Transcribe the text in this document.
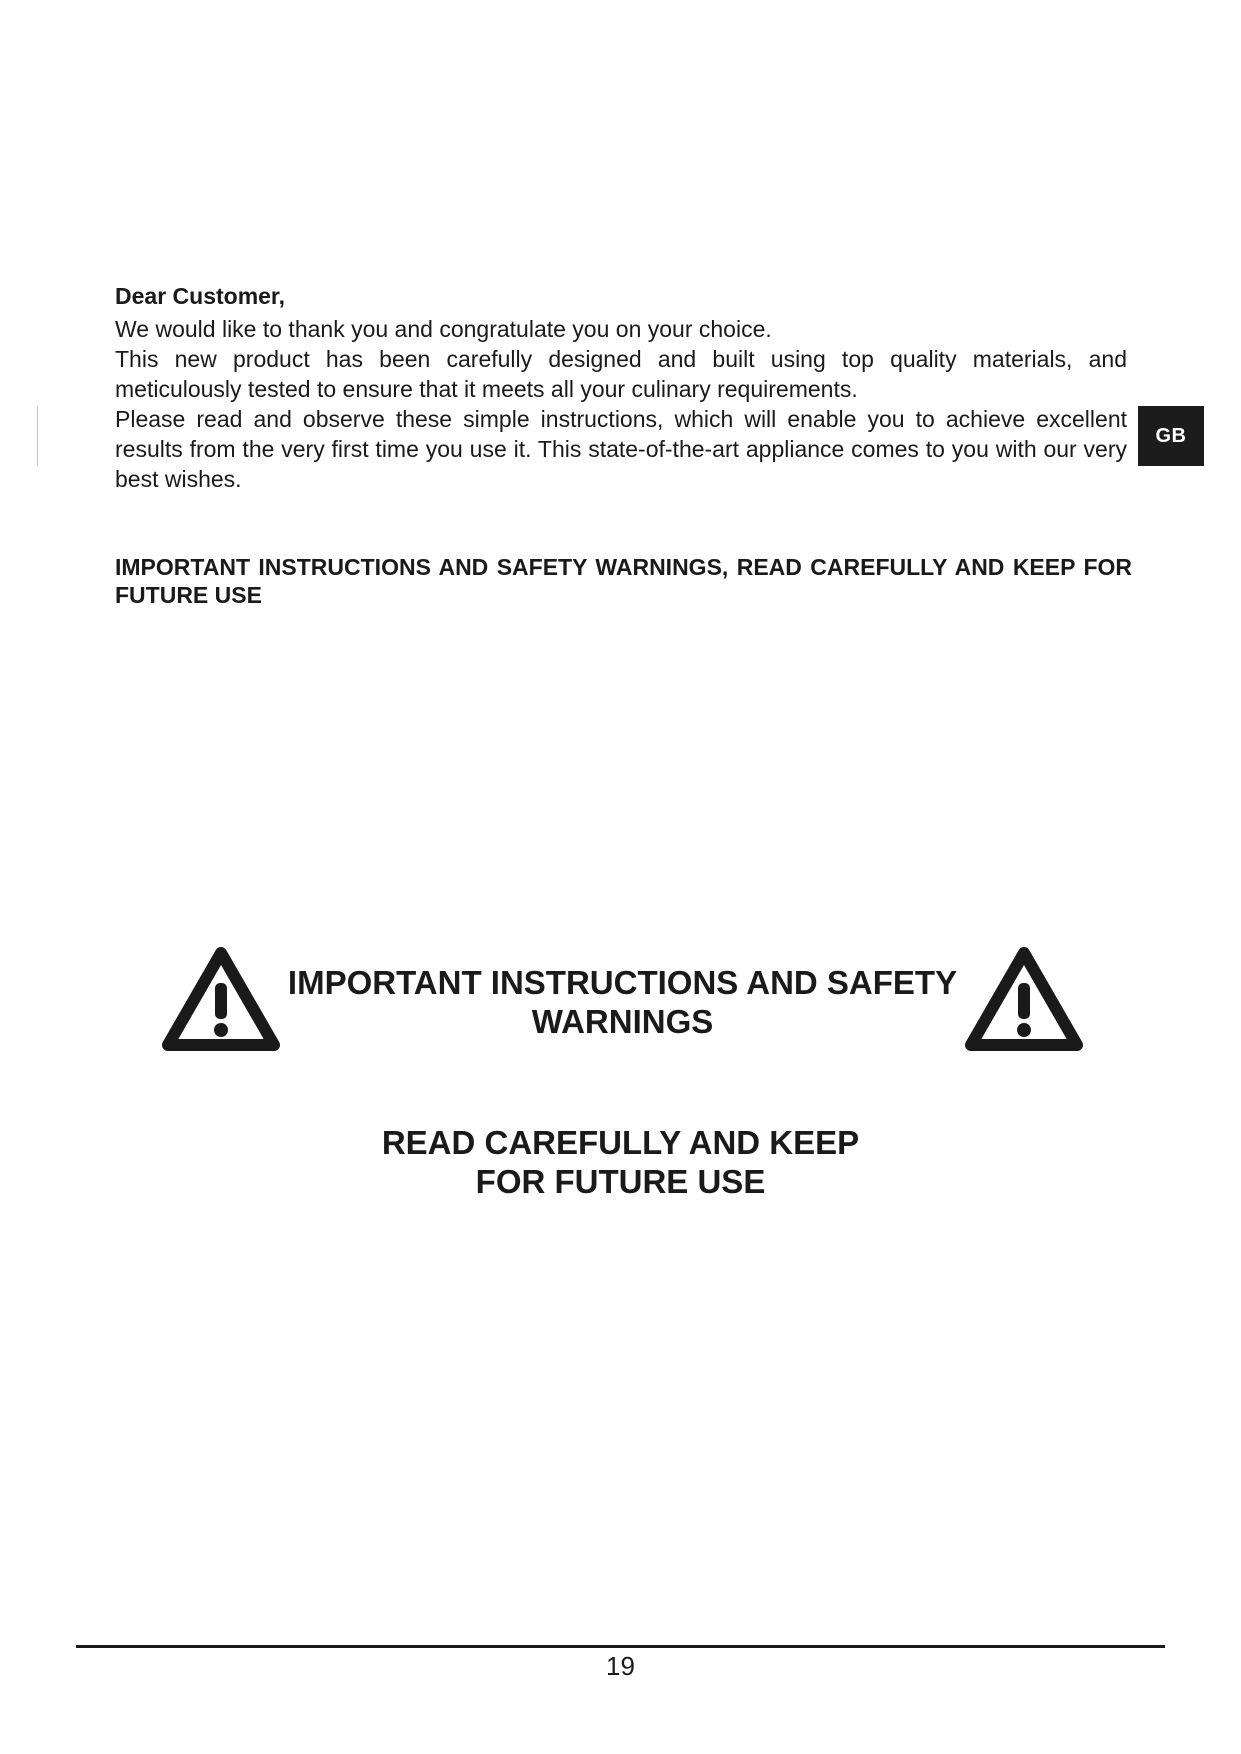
Dear Customer,

We would like to thank you and congratulate you on your choice.

This new product has been carefully designed and built using top quality materials, and meticulously tested to ensure that it meets all your culinary requirements.

Please read and observe these simple instructions, which will enable you to achieve excellent results from the very first time you use it. This state-of-the-art appliance comes to you with our very best wishes.

GB

IMPORTANT INSTRUCTIONS AND SAFETY WARNINGS, READ CAREFULLY AND KEEP FOR FUTURE USE

IMPORTANT INSTRUCTIONS AND SAFETY
WARNINGS

READ CAREFULLY AND KEEP
FOR FUTURE USE

19
